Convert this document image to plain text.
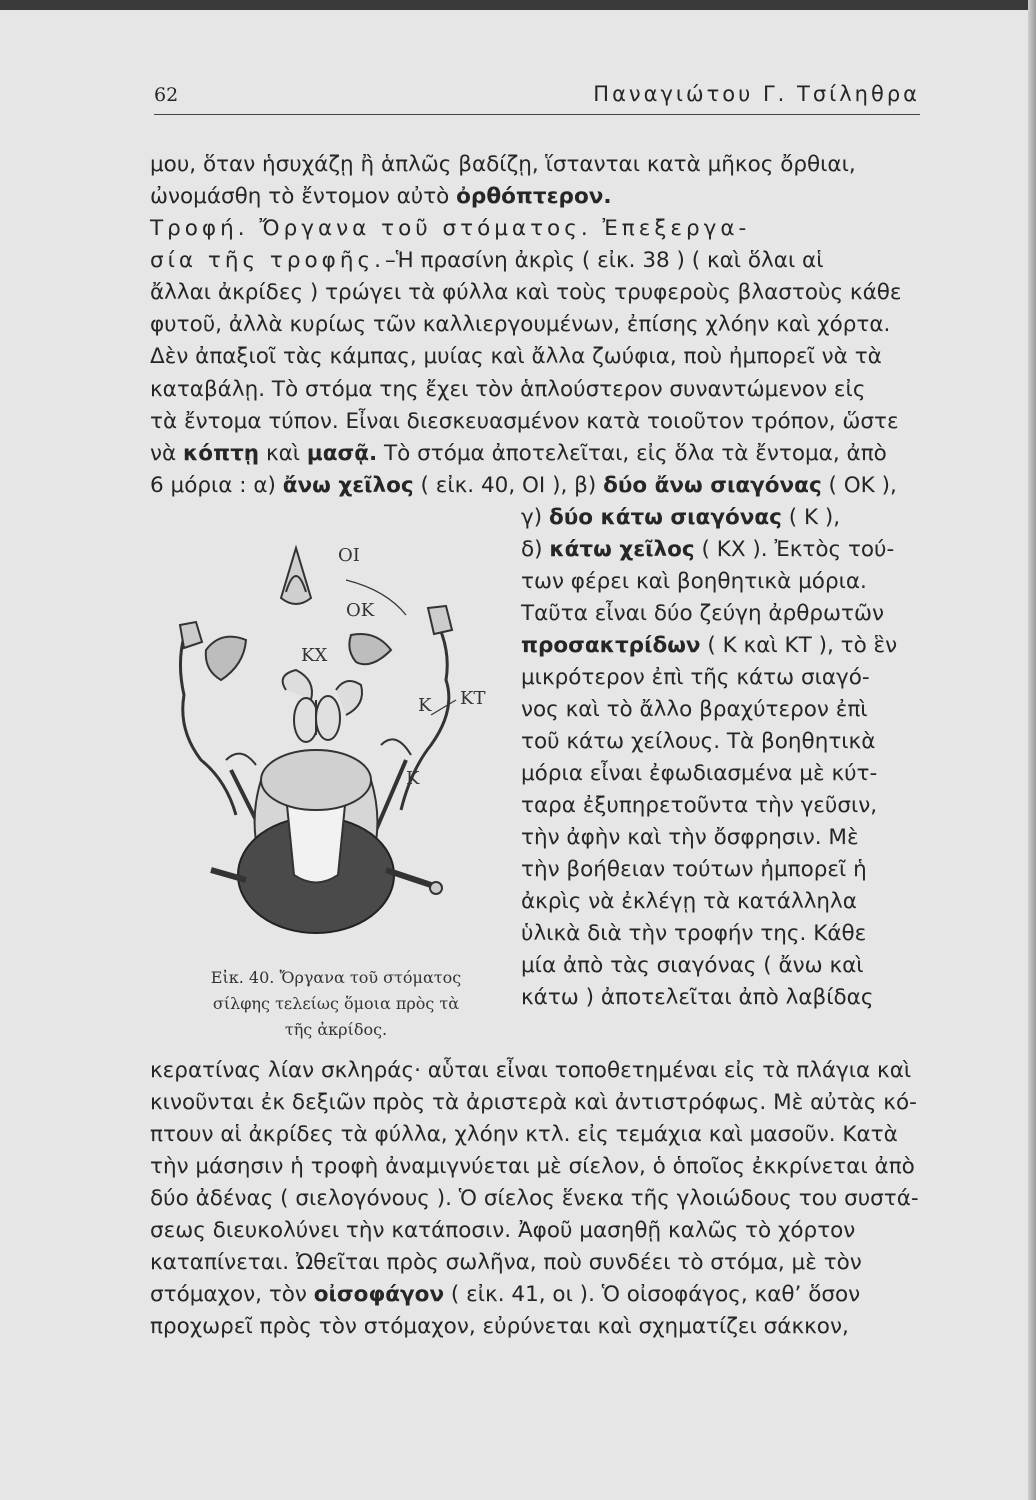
62	Παναγιώτου Γ. Τσίληθρα
μου, ὅταν ἡσυχάζῃ ἢ ἁπλῶς βαδίζῃ, ἵστανται κατὰ μῆκος ὄρθιαι,
ὠνομάσθη τὸ ἔντομον αὐτὸ ὀρθόπτερον.
Τροφή. Ὄργανα τοῦ στόματος. Ἐπεξεργα-
σία τῆς τροφῆς.–Ἡ πρασίνη ἀκρὶς ( εἰκ. 38 ) ( καὶ ὅλαι αἱ
ἄλλαι ἀκρίδες ) τρώγει τὰ φύλλα καὶ τοὺς τρυφεροὺς βλαστοὺς κάθε
φυτοῦ, ἀλλὰ κυρίως τῶν καλλιεργουμένων, ἐπίσης χλόην καὶ χόρτα.
Δὲν ἀπαξιοῖ τὰς κάμπας, μυίας καὶ ἄλλα ζωύφια, ποὺ ἠμπορεῖ νὰ τὰ
καταβάλῃ. Τὸ στόμα της ἔχει τὸν ἁπλούστερον συναντώμενον εἰς
τὰ ἔντομα τύπον. Εἶναι διεσκευασμένον κατὰ τοιοῦτον τρόπον, ὥστε
νὰ κόπτῃ καὶ μασᾷ. Τὸ στόμα ἀποτελεῖται, εἰς ὅλα τὰ ἔντομα, ἀπὸ
6 μόρια : α) ἄνω χεῖλος ( εἰκ. 40, ΟΙ ), β) δύο ἄνω σιαγόνας ( ΟΚ ),
γ) δύο κάτω σιαγόνας ( Κ ),
δ) κάτω χεῖλος ( ΚΧ ). Ἐκτὸς τού-
των φέρει καὶ βοηθητικὰ μόρια.
Ταῦτα εἶναι δύο ζεύγη ἀρθρωτῶν
προσακτρίδων ( Κ καὶ ΚΤ ), τὸ ἓν
μικρότερον ἐπὶ τῆς κάτω σιαγό-
νος καὶ τὸ ἄλλο βραχύτερον ἐπὶ
τοῦ κάτω χείλους. Τὰ βοηθητικὰ
μόρια εἶναι ἐφωδιασμένα μὲ κύτ-
ταρα ἐξυπηρετοῦντα τὴν γεῦσιν,
τὴν ἀφὴν καὶ τὴν ὄσφρησιν. Μὲ
τὴν βοήθειαν τούτων ἠμπορεῖ ἡ
ἀκρὶς νὰ ἐκλέγῃ τὰ κατάλληλα
ὑλικὰ διὰ τὴν τροφήν της. Κάθε
μία ἀπὸ τὰς σιαγόνας ( ἄνω καὶ
κάτω ) ἀποτελεῖται ἀπὸ λαβίδας
ΟΙ
ΟΚ
ΚΧ
Κ ΚΤ
Κ
Εἰκ. 40. Ὄργανα τοῦ στόματος
σίλφης τελείως ὅμοια πρὸς τὰ
τῆς ἀκρίδος.
κερατίνας λίαν σκληράς· αὗται εἶναι τοποθετημέναι εἰς τὰ πλάγια καὶ
κινοῦνται ἐκ δεξιῶν πρὸς τὰ ἀριστερὰ καὶ ἀντιστρόφως. Μὲ αὐτὰς κό-
πτουν αἱ ἀκρίδες τὰ φύλλα, χλόην κτλ. εἰς τεμάχια καὶ μασοῦν. Κατὰ
τὴν μάσησιν ἡ τροφὴ ἀναμιγνύεται μὲ σίελον, ὁ ὁποῖος ἐκκρίνεται ἀπὸ
δύο ἀδένας ( σιελογόνους ). Ὁ σίελος ἕνεκα τῆς γλοιώδους του συστά-
σεως διευκολύνει τὴν κατάποσιν. Ἀφοῦ μασηθῇ καλῶς τὸ χόρτον
καταπίνεται. Ὠθεῖται πρὸς σωλῆνα, ποὺ συνδέει τὸ στόμα, μὲ τὸν
στόμαχον, τὸν οἰσοφάγον ( εἰκ. 41, οι ). Ὁ οἰσοφάγος, καθ’ ὅσον
προχωρεῖ πρὸς τὸν στόμαχον, εὐρύνεται καὶ σχηματίζει σάκκον,
